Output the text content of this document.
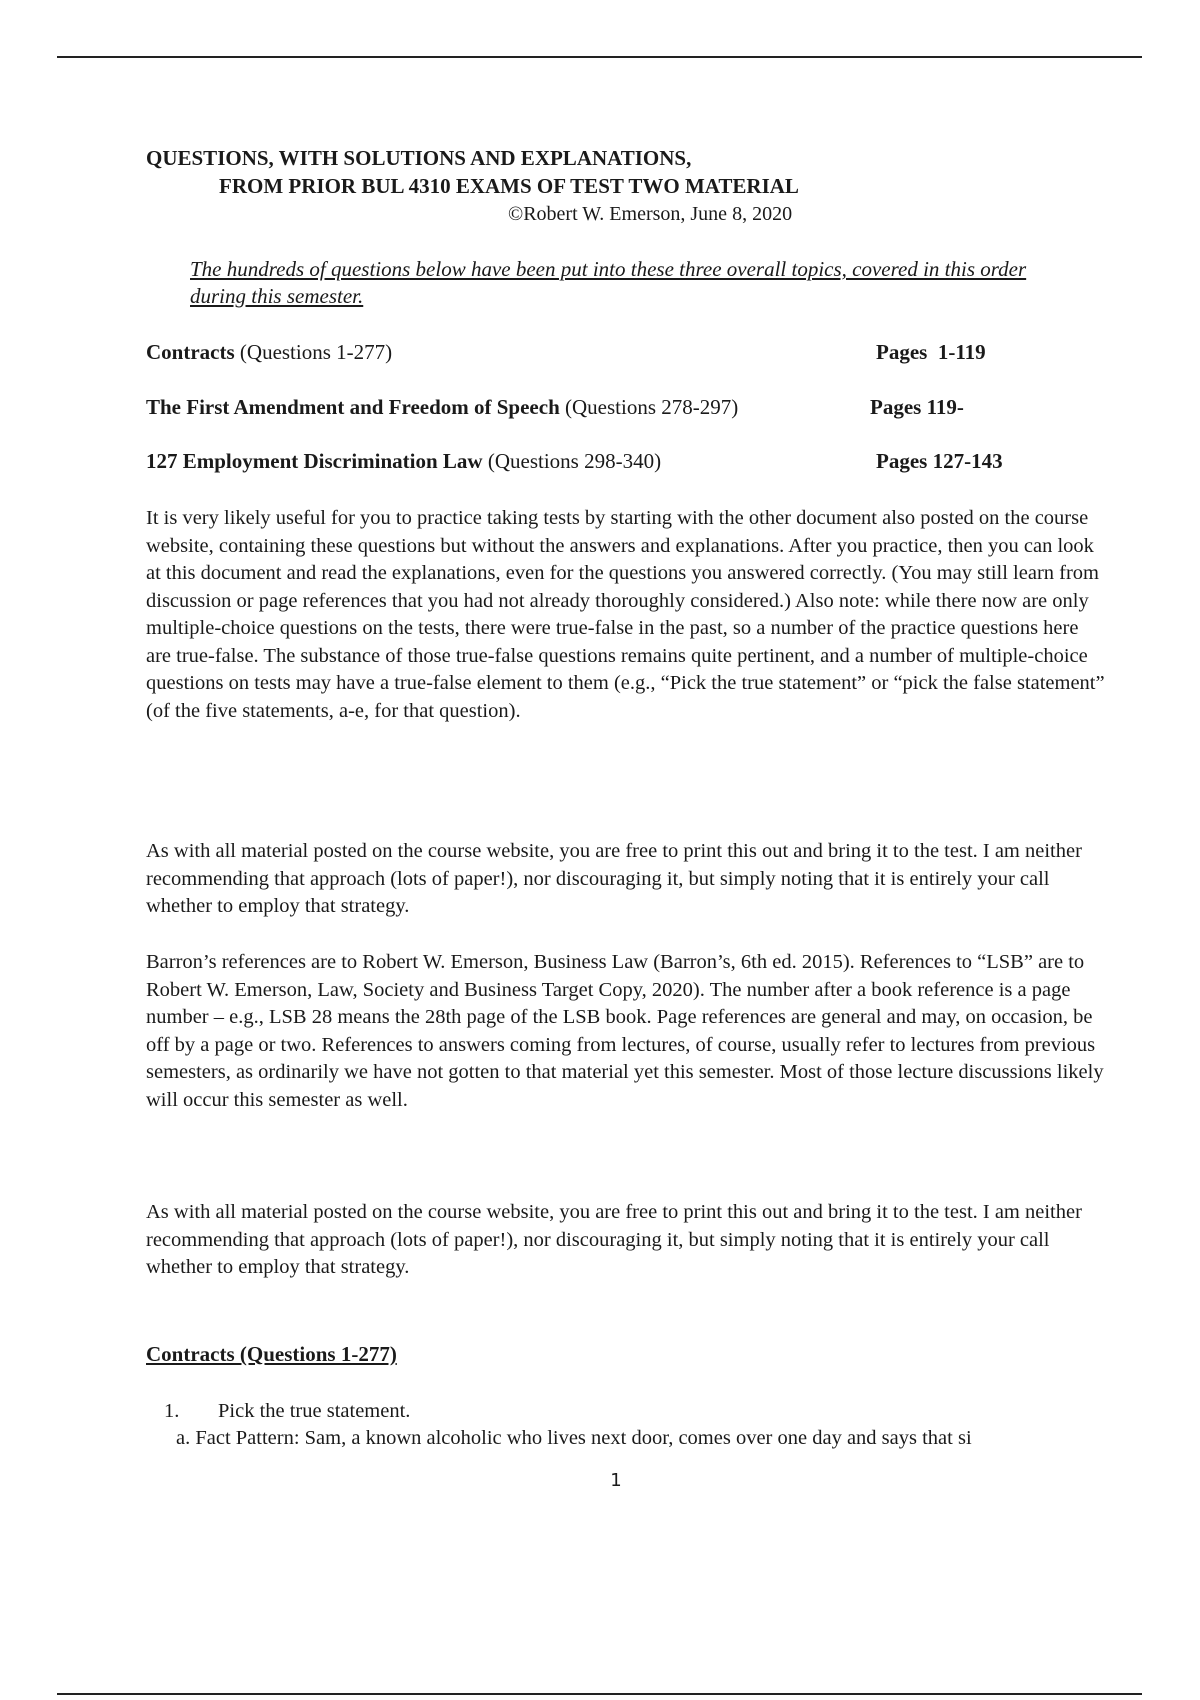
QUESTIONS, WITH SOLUTIONS AND EXPLANATIONS,
FROM PRIOR BUL 4310 EXAMS OF TEST TWO MATERIAL
©Robert W. Emerson, June 8, 2020
The hundreds of questions below have been put into these three overall topics, covered in this order during this semester.
Contracts (Questions 1-277)	Pages  1-119
The First Amendment and Freedom of Speech (Questions 278-297)	Pages 119-
127 Employment Discrimination Law (Questions 298-340)	Pages 127-143

It is very likely useful for you to practice taking tests by starting with the other document also posted on the course website, containing these questions but without the answers and explanations. After you practice, then you can look at this document and read the explanations, even for the questions you answered correctly. (You may still learn from discussion or page references that you had not already thoroughly considered.) Also note: while there now are only multiple-choice questions on the tests, there were true-false in the past, so a number of the practice questions here are true-false. The substance of those true-false questions remains quite pertinent, and a number of multiple-choice questions on tests may have a true-false element to them (e.g., “Pick the true statement” or “pick the false statement” (of the five statements, a-e, for that question).

As with all material posted on the course website, you are free to print this out and bring it to the test. I am neither recommending that approach (lots of paper!), nor discouraging it, but simply noting that it is entirely your call whether to employ that strategy.

Barron’s references are to Robert W. Emerson, Business Law (Barron’s, 6th ed. 2015). References to “LSB” are to Robert W. Emerson, Law, Society and Business Target Copy, 2020). The number after a book reference is a page number – e.g., LSB 28 means the 28th page of the LSB book. Page references are general and may, on occasion, be off by a page or two. References to answers coming from lectures, of course, usually refer to lectures from previous semesters, as ordinarily we have not gotten to that material yet this semester. Most of those lecture discussions likely will occur this semester as well.

As with all material posted on the course website, you are free to print this out and bring it to the test. I am neither recommending that approach (lots of paper!), nor discouraging it, but simply noting that it is entirely your call whether to employ that strategy.

Contracts (Questions 1-277)
1. Pick the true statement.
a. Fact Pattern: Sam, a known alcoholic who lives next door, comes over one day and says that si
1
